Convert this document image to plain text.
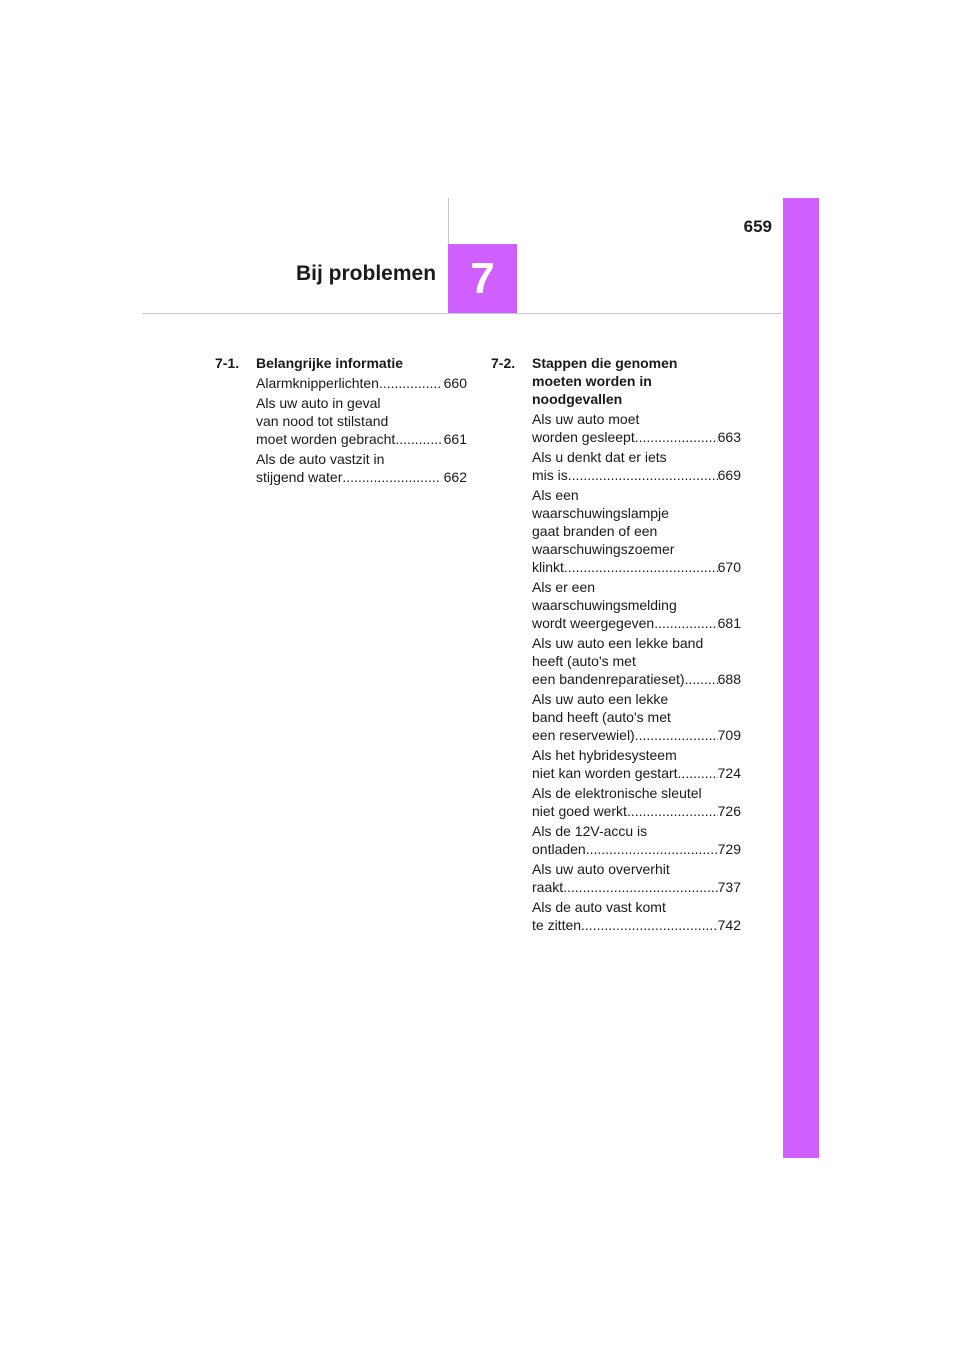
7
659
Bij problemen
7-1. Belangrijke informatie
Alarmknipperlichten .....	660
Als uw auto in geval
van nood tot stilstand
moet worden gebracht .....	661
Als de auto vastzit in
stijgend water .....	662
7-2. Stappen die genomen
moeten worden in
noodgevallen
Als uw auto moet
worden gesleept .....	663
Als u denkt dat er iets
mis is .....	669
Als een
waarschuwingslampje
gaat branden of een
waarschuwingszoemer
klinkt .....	670
Als er een
waarschuwingsmelding
wordt weergegeven .....	681
Als uw auto een lekke band
heeft (auto's met
een bandenreparatieset) ..... 688
Als uw auto een lekke
band heeft (auto's met
een reservewiel) .....	709
Als het hybridesysteem
niet kan worden gestart .....	724
Als de elektronische sleutel
niet goed werkt .....	726
Als de 12V-accu is
ontladen .....	729
Als uw auto oververhit
raakt .....	737
Als de auto vast komt
te zitten .....	742
